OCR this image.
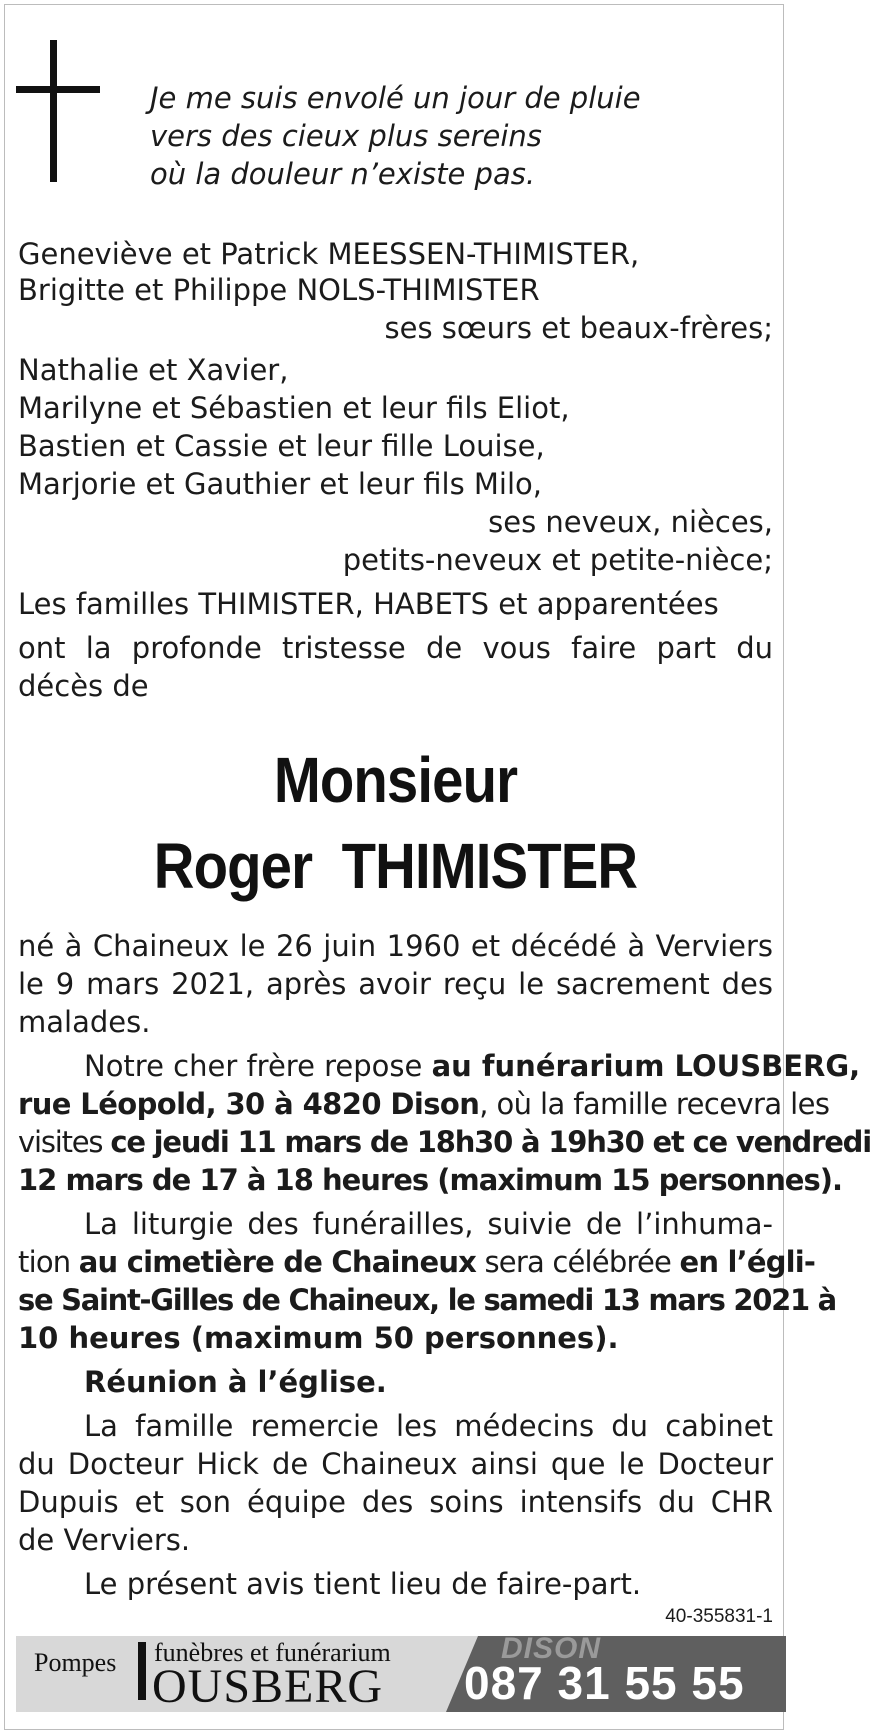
Je me suis envolé un jour de pluie
vers des cieux plus sereins
où la douleur n’existe pas.
Geneviève et Patrick MEESSEN-THIMISTER,
Brigitte et Philippe NOLS-THIMISTER
ses sœurs et beaux-frères;
Nathalie et Xavier,
Marilyne et Sébastien et leur fils Eliot,
Bastien et Cassie et leur fille Louise,
Marjorie et Gauthier et leur fils Milo,
ses neveux, nièces,
petits-neveux et petite-nièce;
Les familles THIMISTER, HABETS et apparentées
ont la profonde tristesse de vous faire part du
décès de
Monsieur
Roger  THIMISTER
né à Chaineux le 26 juin 1960 et décédé à Verviers
le 9 mars 2021, après avoir reçu le sacrement des
malades.
Notre cher frère repose au funérarium LOUSBERG,
rue Léopold, 30 à 4820 Dison, où la famille recevra les
visites ce jeudi 11 mars de 18h30 à 19h30 et ce vendredi
12 mars de 17 à 18 heures (maximum 15 personnes).
La liturgie des funérailles, suivie de l’inhuma-
tion au cimetière de Chaineux sera célébrée en l’égli-
se Saint-Gilles de Chaineux, le samedi 13 mars 2021 à
10 heures (maximum 50 personnes).
Réunion à l’église.
La famille remercie les médecins du cabinet
du Docteur Hick de Chaineux ainsi que le Docteur
Dupuis et son équipe des soins intensifs du CHR
de Verviers.
Le présent avis tient lieu de faire-part.
40-355831-1
Pompes funèbres et funérarium
OUSBERG
DISON
087 31 55 55
